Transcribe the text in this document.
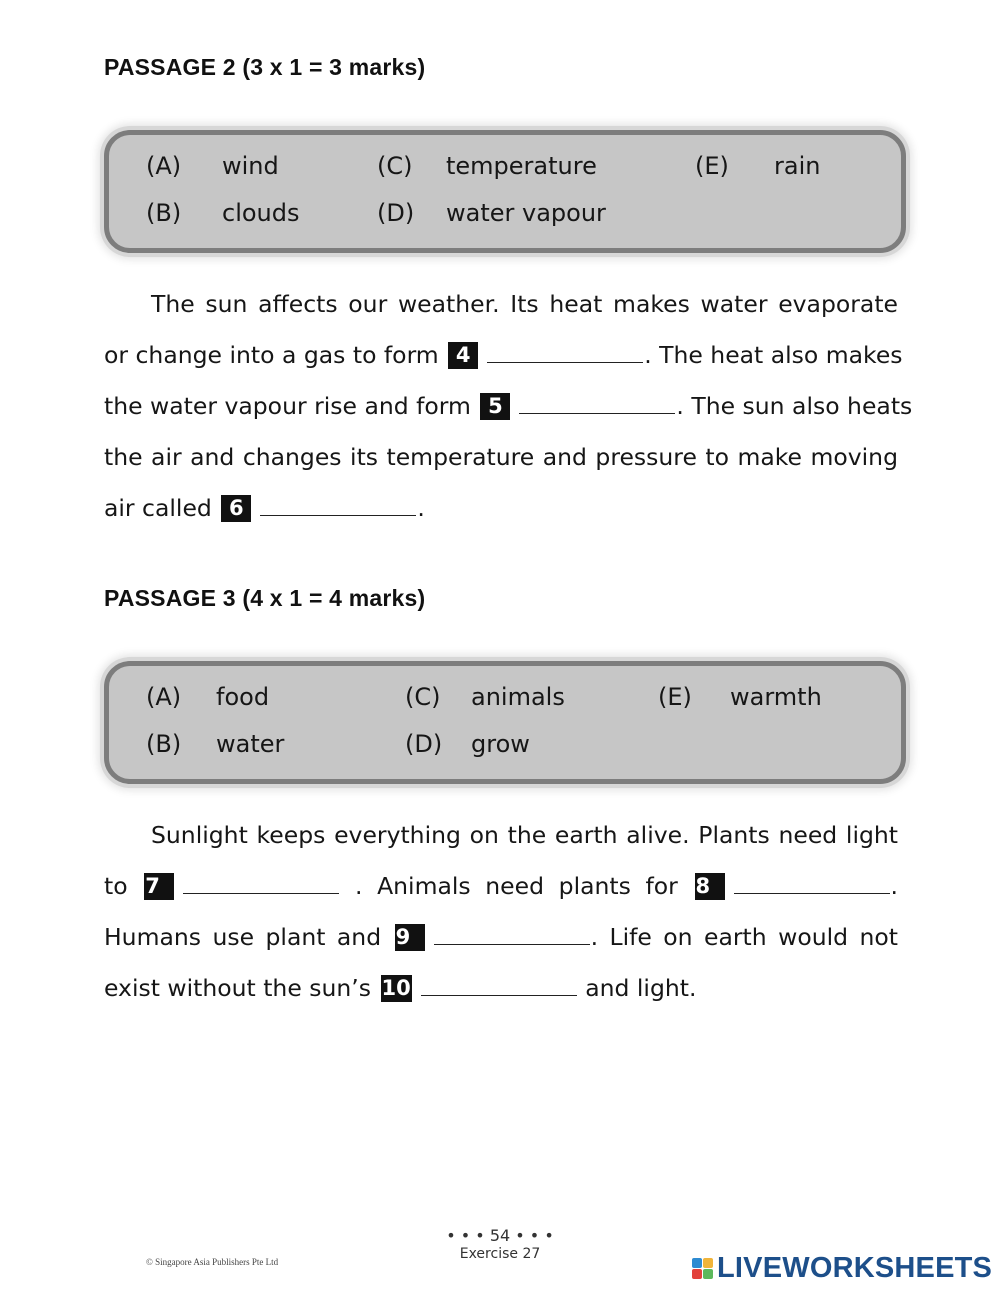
PASSAGE 2 (3 x 1 = 3 marks)
(A) wind
(B) clouds
(C) temperature
(D) water vapour
(E) rain
The sun affects our weather. Its heat makes water evaporate
or change into a gas to form 4	. The heat also makes
the water vapour rise and form 5	. The sun also heats
the air and changes its temperature and pressure to make moving
air called 6	.
PASSAGE 3 (4 x 1 = 4 marks)
(A) food
(B) water
(C) animals
(D) grow
(E) warmth
Sunlight keeps everything on the earth alive. Plants need light
to 7	. Animals need plants for 8	.
Humans use plant and 9	. Life on earth would not
exist without the sun’s 10	and light.
• • • 54 • • •
Exercise 27
© Singapore Asia Publishers Pte Ltd	LIVEWORKSHEETS
